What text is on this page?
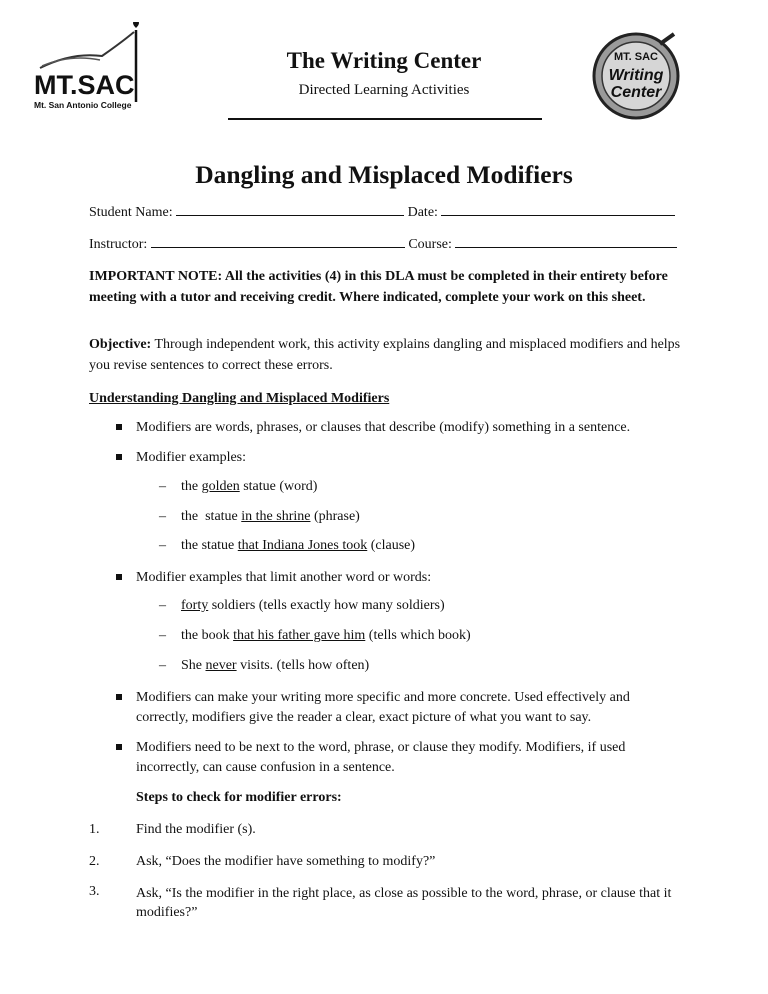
MT.SAC
Mt. San Antonio College
The Writing Center
Directed Learning Activities
MT. SAC
Writing
Center
Dangling and Misplaced Modifiers
Student Name:	Date:
Instructor:	Course:
IMPORTANT NOTE: All the activities (4) in this DLA must be completed in their entirety before meeting with a tutor and receiving credit. Where indicated, complete your work on this sheet.
Objective: Through independent work, this activity explains dangling and misplaced modifiers and helps you revise sentences to correct these errors.
Understanding Dangling and Misplaced Modifiers
Modifiers are words, phrases, or clauses that describe (modify) something in a sentence.
Modifier examples:
– the golden statue (word)
– the  statue in the shrine (phrase)
– the statue that Indiana Jones took (clause)
Modifier examples that limit another word or words:
– forty soldiers (tells exactly how many soldiers)
– the book that his father gave him (tells which book)
– She never visits. (tells how often)
Modifiers can make your writing more specific and more concrete. Used effectively and correctly, modifiers give the reader a clear, exact picture of what you want to say.
Modifiers need to be next to the word, phrase, or clause they modify. Modifiers, if used incorrectly, can cause confusion in a sentence.
Steps to check for modifier errors:
1.	Find the modifier (s).
2.	Ask, “Does the modifier have something to modify?”
3.	Ask, “Is the modifier in the right place, as close as possible to the word, phrase, or clause that it modifies?”
